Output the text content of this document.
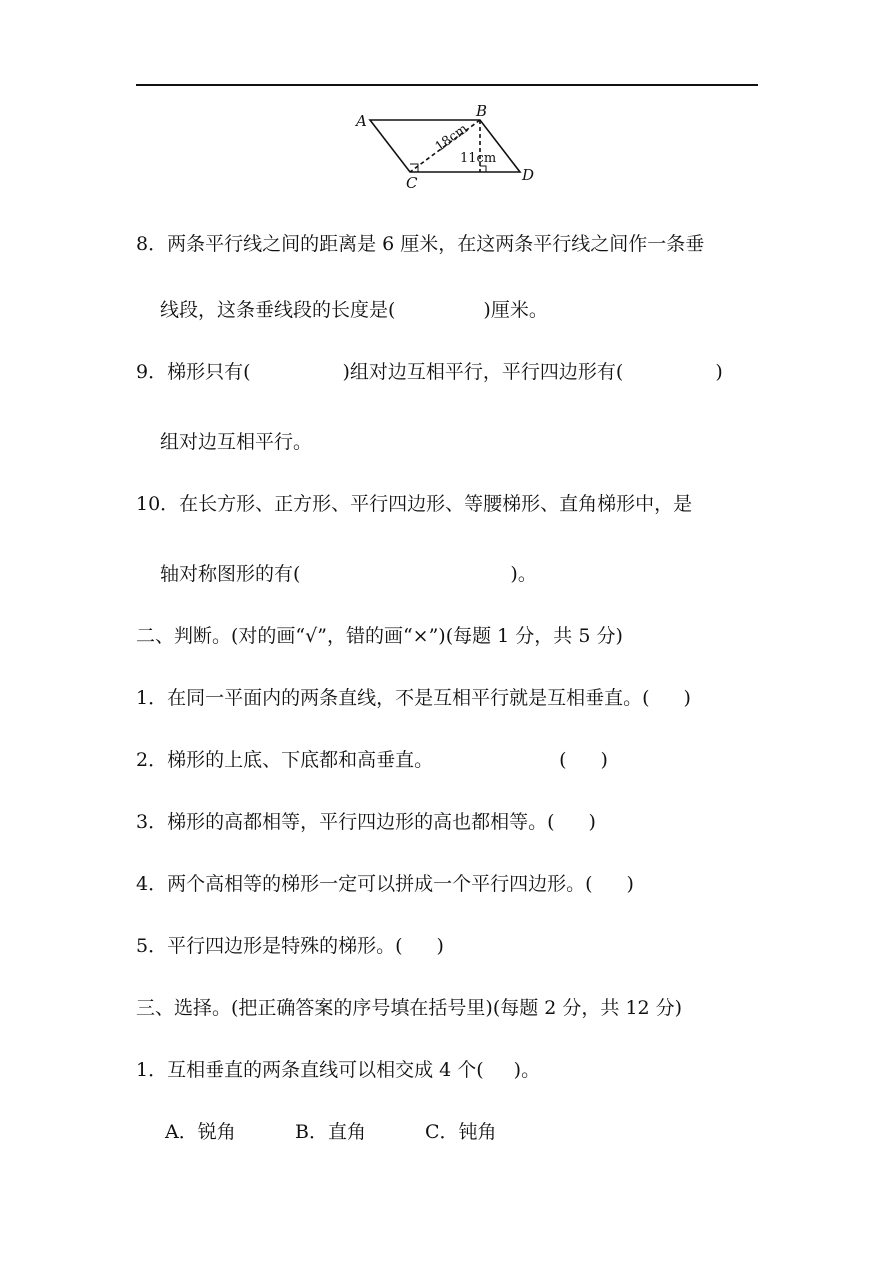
A
B
C	D
18cm
11cm
8．两条平行线之间的距离是 6 厘米，在这两条平行线之间作一条垂
线段，这条垂线段的长度是(	)厘米。
9．梯形只有(	)组对边互相平行，平行四边形有(	)
组对边互相平行。
10．在长方形、正方形、平行四边形、等腰梯形、直角梯形中，是
轴对称图形的有(	)。
二、判断。(对的画“√”，错的画“×”)(每题 1 分，共 5 分)
1．在同一平面内的两条直线，不是互相平行就是互相垂直。( )
2．梯形的上底、下底都和高垂直。	( )
3．梯形的高都相等，平行四边形的高也都相等。( )
4．两个高相等的梯形一定可以拼成一个平行四边形。( )
5．平行四边形是特殊的梯形。( )
三、选择。(把正确答案的序号填在括号里)(每题 2 分，共 12 分)
1．互相垂直的两条直线可以相交成 4 个( )。
A．锐角	B．直角	C．钝角
